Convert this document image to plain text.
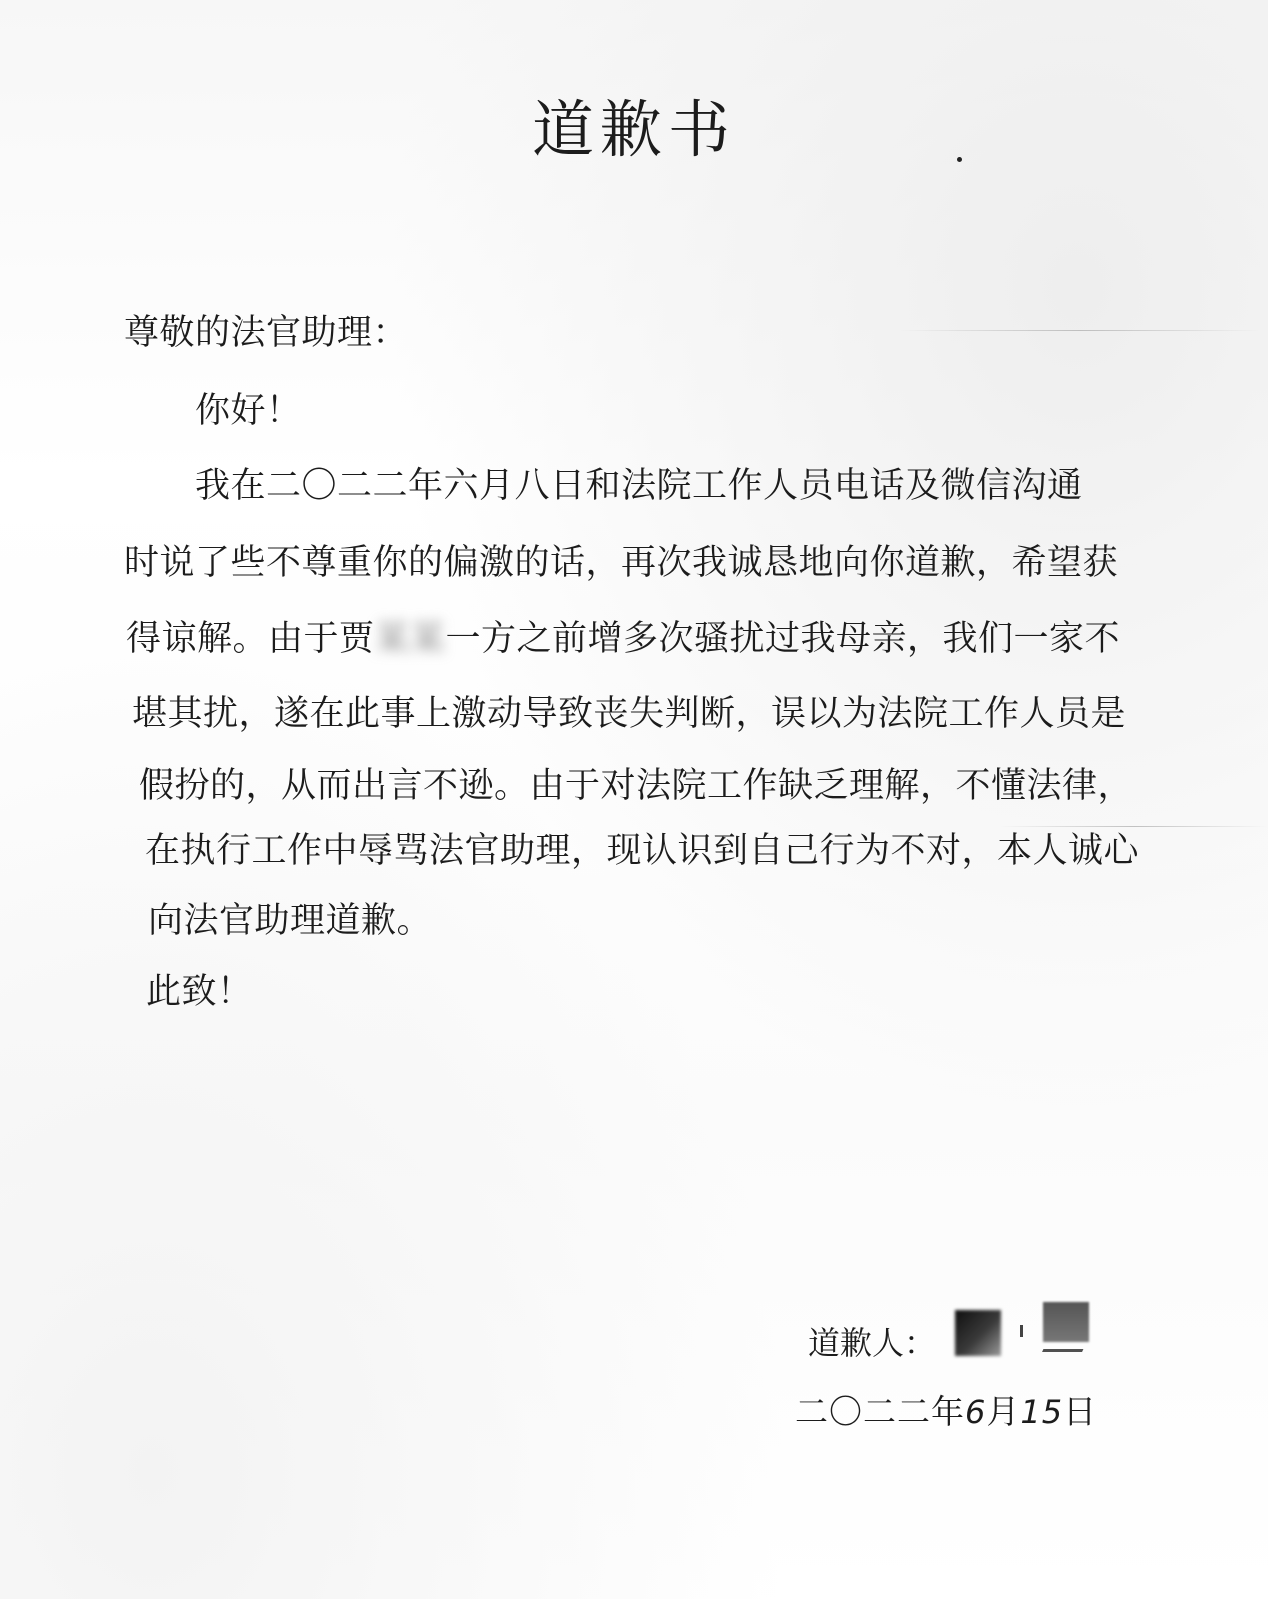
道歉书
尊敬的法官助理：
你好！
我在二〇二二年六月八日和法院工作人员电话及微信沟通
时说了些不尊重你的偏激的话，再次我诚恳地向你道歉，希望获
得谅解。由于贾某某一方之前增多次骚扰过我母亲，我们一家不
堪其扰，遂在此事上激动导致丧失判断，误以为法院工作人员是
假扮的，从而出言不逊。由于对法院工作缺乏理解，不懂法律，
在执行工作中辱骂法官助理，现认识到自己行为不对，本人诚心
向法官助理道歉。
此致！
道歉人：
二〇二二年6月15日
